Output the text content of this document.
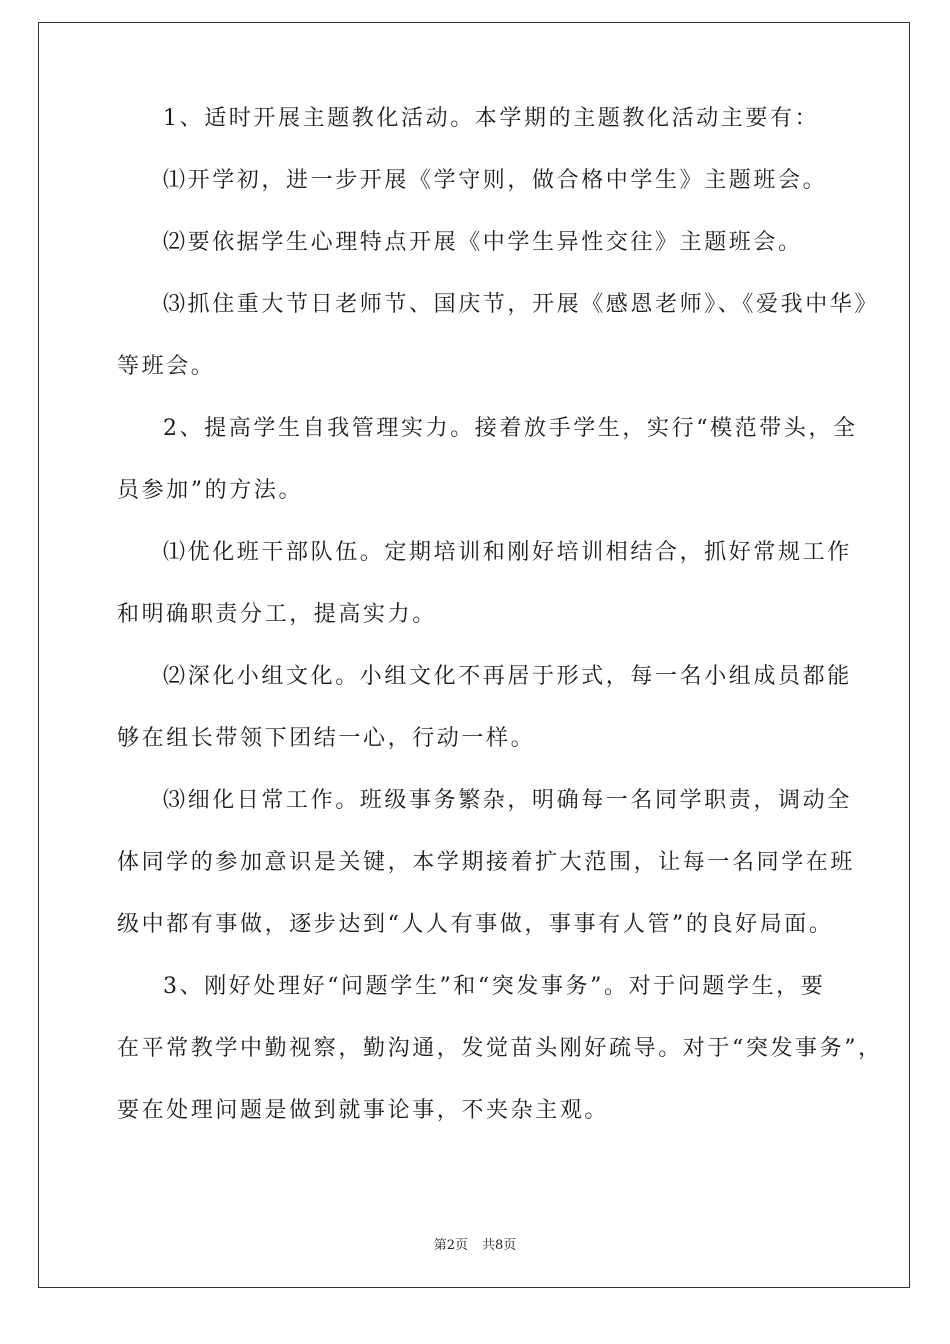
1、适时开展主题教化活动。本学期的主题教化活动主要有：
⑴开学初，进一步开展《学守则，做合格中学生》主题班会。
⑵要依据学生心理特点开展《中学生异性交往》主题班会。
⑶抓住重大节日老师节、国庆节，开展《感恩老师》、《爱我中华》
等班会。
2、提高学生自我管理实力。接着放手学生，实行“模范带头，全
员参加”的方法。
⑴优化班干部队伍。定期培训和刚好培训相结合，抓好常规工作
和明确职责分工，提高实力。
⑵深化小组文化。小组文化不再居于形式，每一名小组成员都能
够在组长带领下团结一心，行动一样。
⑶细化日常工作。班级事务繁杂，明确每一名同学职责，调动全
体同学的参加意识是关键，本学期接着扩大范围，让每一名同学在班
级中都有事做，逐步达到“人人有事做，事事有人管”的良好局面。
3、刚好处理好“问题学生”和“突发事务”。对于问题学生，要
在平常教学中勤视察，勤沟通，发觉苗头刚好疏导。对于“突发事务”，
要在处理问题是做到就事论事，不夹杂主观。
第2页 共8页
